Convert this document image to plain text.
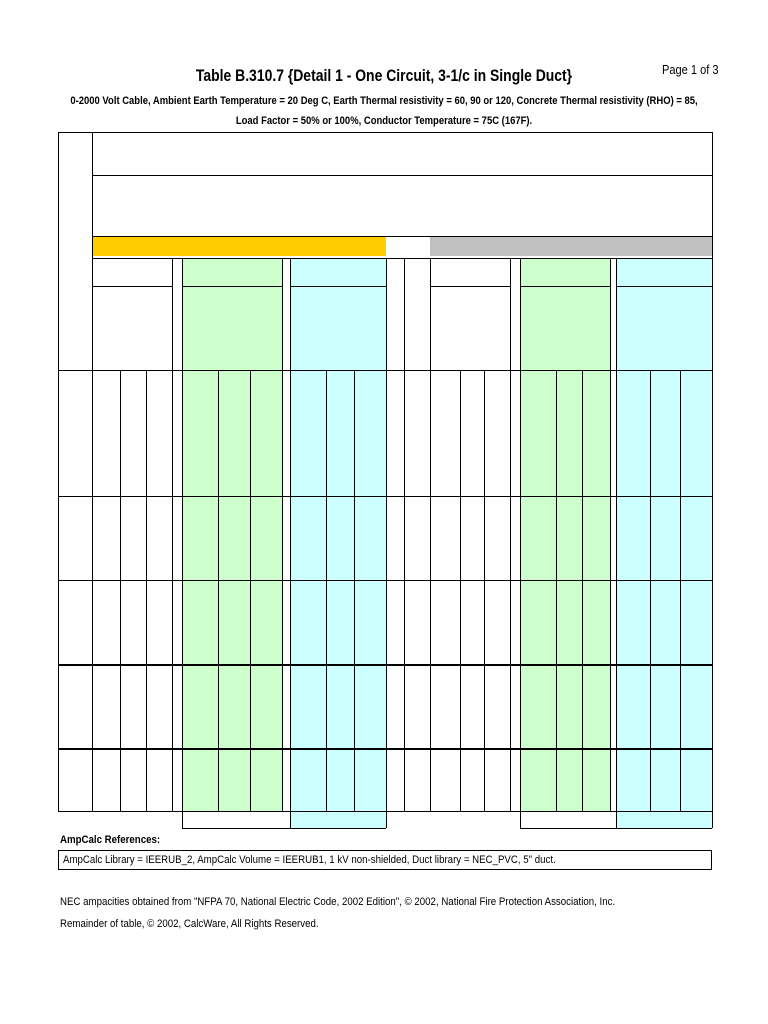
Table B.310.7 {Detail 1 - One Circuit, 3-1/c in Single Duct}	Page 1 of 3
0-2000 Volt Cable, Ambient Earth Temperature = 20 Deg C, Earth Thermal resistivity = 60, 90 or 120, Concrete Thermal resistivity (RHO) = 85,
Load Factor = 50% or 100%, Conductor Temperature = 75C (167F).
AmpCalc References:
AmpCalc Library = IEERUB_2, AmpCalc Volume = IEERUB1, 1 kV non-shielded, Duct library = NEC_PVC, 5" duct.
NEC ampacities obtained from "NFPA 70, National Electric Code, 2002 Edition", © 2002, National Fire Protection Association, Inc.
Remainder of table, © 2002, CalcWare, All Rights Reserved.
